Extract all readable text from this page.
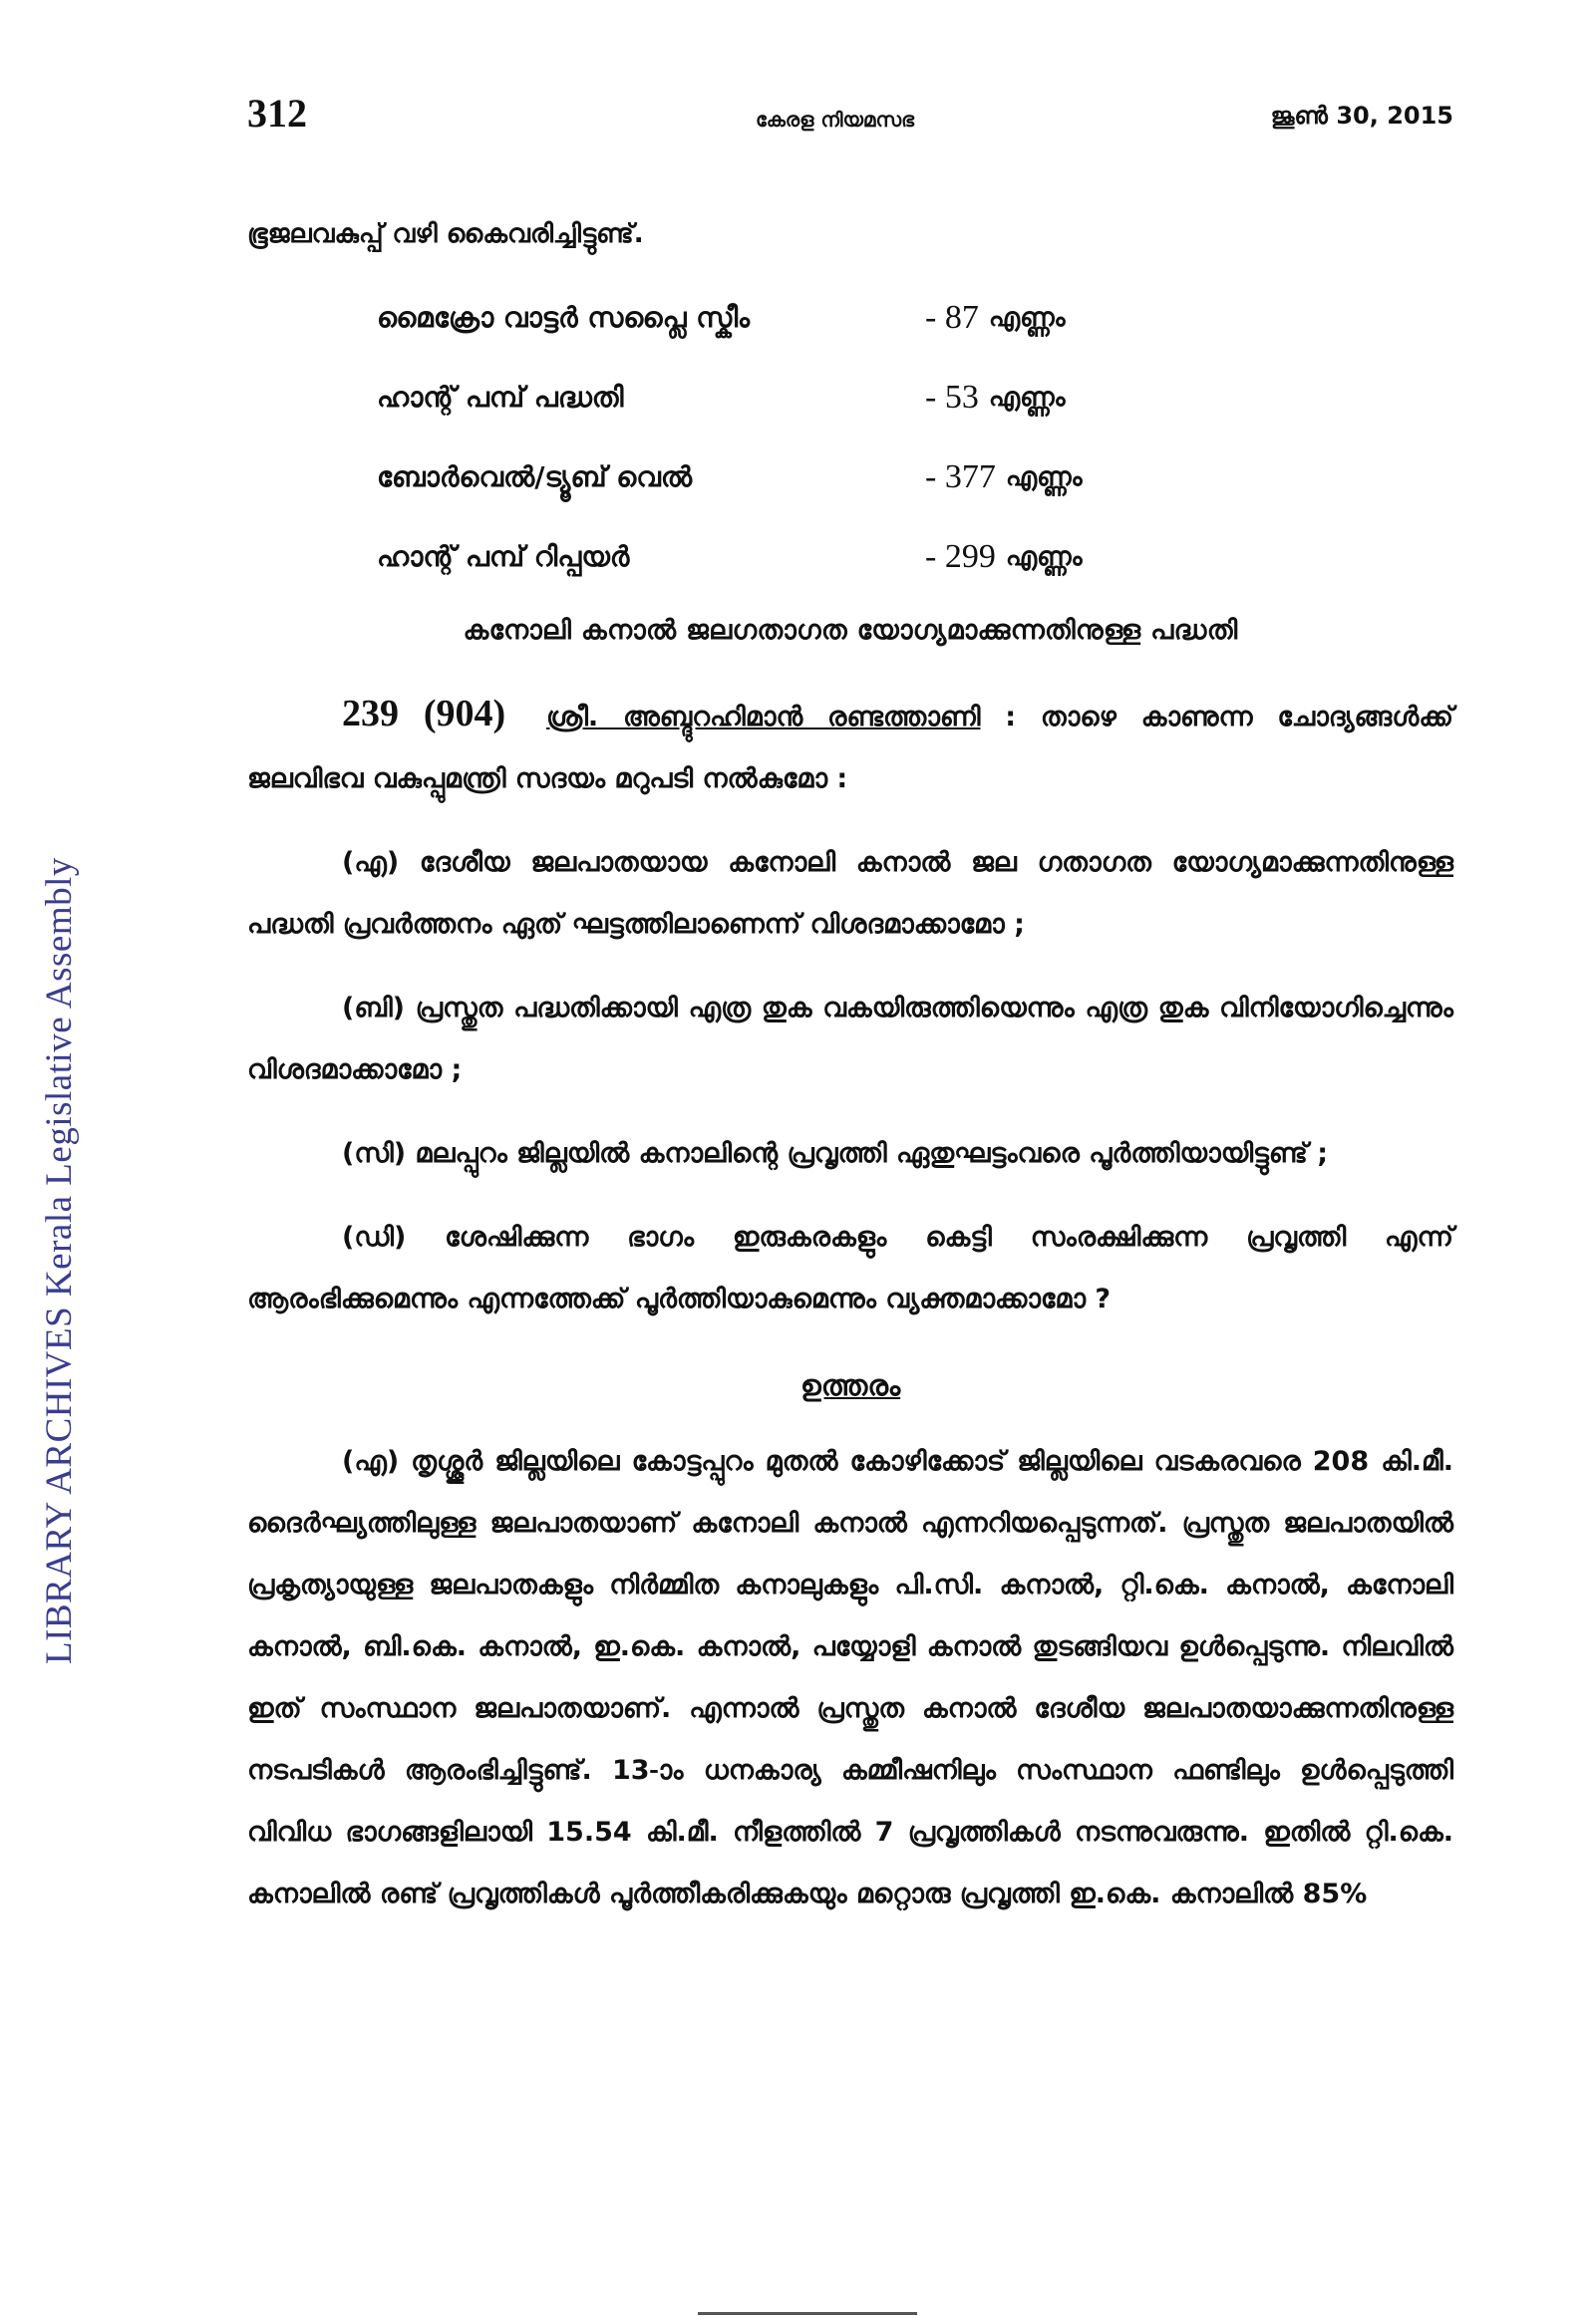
LIBRARY ARCHIVES Kerala Legislative Assembly
312	കേരള നിയമസഭ	ജൂൺ 30, 2015

ഭൂജലവകുപ്പ് വഴി കൈവരിച്ചിട്ടുണ്ട്.

മൈക്രോ വാട്ടർ സപ്ലൈ സ്കീം	- 87 എണ്ണം
ഹാന്റ് പമ്പ് പദ്ധതി	- 53 എണ്ണം
ബോർവെൽ/ട്യൂബ് വെൽ	- 377 എണ്ണം
ഹാന്റ് പമ്പ് റിപ്പയർ	- 299 എണ്ണം
കനോലി കനാൽ ജലഗതാഗത യോഗ്യമാക്കുന്നതിനുള്ള പദ്ധതി
239 (904) ശ്രീ. അബ്ദുറഹിമാൻ രണ്ടത്താണി : താഴെ കാണുന്ന ചോദ്യങ്ങൾക്ക് ജലവിഭവ വകുപ്പുമന്ത്രി സദയം മറുപടി നൽകുമോ :
(എ) ദേശീയ ജലപാതയായ കനോലി കനാൽ ജല ഗതാഗത യോഗ്യമാക്കുന്നതിനുള്ള പദ്ധതി പ്രവർത്തനം ഏത് ഘട്ടത്തിലാണെന്ന് വിശദമാക്കാമോ ;
(ബി) പ്രസ്തുത പദ്ധതിക്കായി എത്ര തുക വകയിരുത്തിയെന്നും എത്ര തുക വിനിയോഗിച്ചെന്നും വിശദമാക്കാമോ ;
(സി) മലപ്പുറം ജില്ലയിൽ കനാലിന്റെ പ്രവൃത്തി ഏതുഘട്ടംവരെ പൂർത്തിയായിട്ടുണ്ട് ;
(ഡി) ശേഷിക്കുന്ന ഭാഗം ഇരുകരകളും കെട്ടി സംരക്ഷിക്കുന്ന പ്രവൃത്തി എന്ന് ആരംഭിക്കുമെന്നും എന്നത്തേക്ക് പൂർത്തിയാകുമെന്നും വ്യക്തമാക്കാമോ ?
ഉത്തരം
(എ) തൃശ്ശൂർ ജില്ലയിലെ കോട്ടപ്പുറം മുതൽ കോഴിക്കോട് ജില്ലയിലെ വടകരവരെ 208 കി.മീ. ദൈർഘ്യത്തിലുള്ള ജലപാതയാണ് കനോലി കനാൽ എന്നറിയപ്പെടുന്നത്. പ്രസ്തുത ജലപാതയിൽ പ്രകൃത്യായുള്ള ജലപാതകളും നിർമ്മിത കനാലുകളും പി.സി. കനാൽ, റ്റി.കെ. കനാൽ, കനോലി കനാൽ, ബി.കെ. കനാൽ, ഇ.കെ. കനാൽ, പയ്യോളി കനാൽ തുടങ്ങിയവ ഉൾപ്പെടുന്നു. നിലവിൽ ഇത് സംസ്ഥാന ജലപാതയാണ്. എന്നാൽ പ്രസ്തുത കനാൽ ദേശീയ ജലപാതയാക്കുന്നതിനുള്ള നടപടികൾ ആരംഭിച്ചിട്ടുണ്ട്. 13-ാം ധനകാര്യ കമ്മീഷനിലും സംസ്ഥാന ഫണ്ടിലും ഉൾപ്പെടുത്തി വിവിധ ഭാഗങ്ങളിലായി 15.54 കി.മീ. നീളത്തിൽ 7 പ്രവൃത്തികൾ നടന്നുവരുന്നു. ഇതിൽ റ്റി.കെ. കനാലിൽ രണ്ട് പ്രവൃത്തികൾ പൂർത്തീകരിക്കുകയും മറ്റൊരു പ്രവൃത്തി ഇ.കെ. കനാലിൽ 85%
